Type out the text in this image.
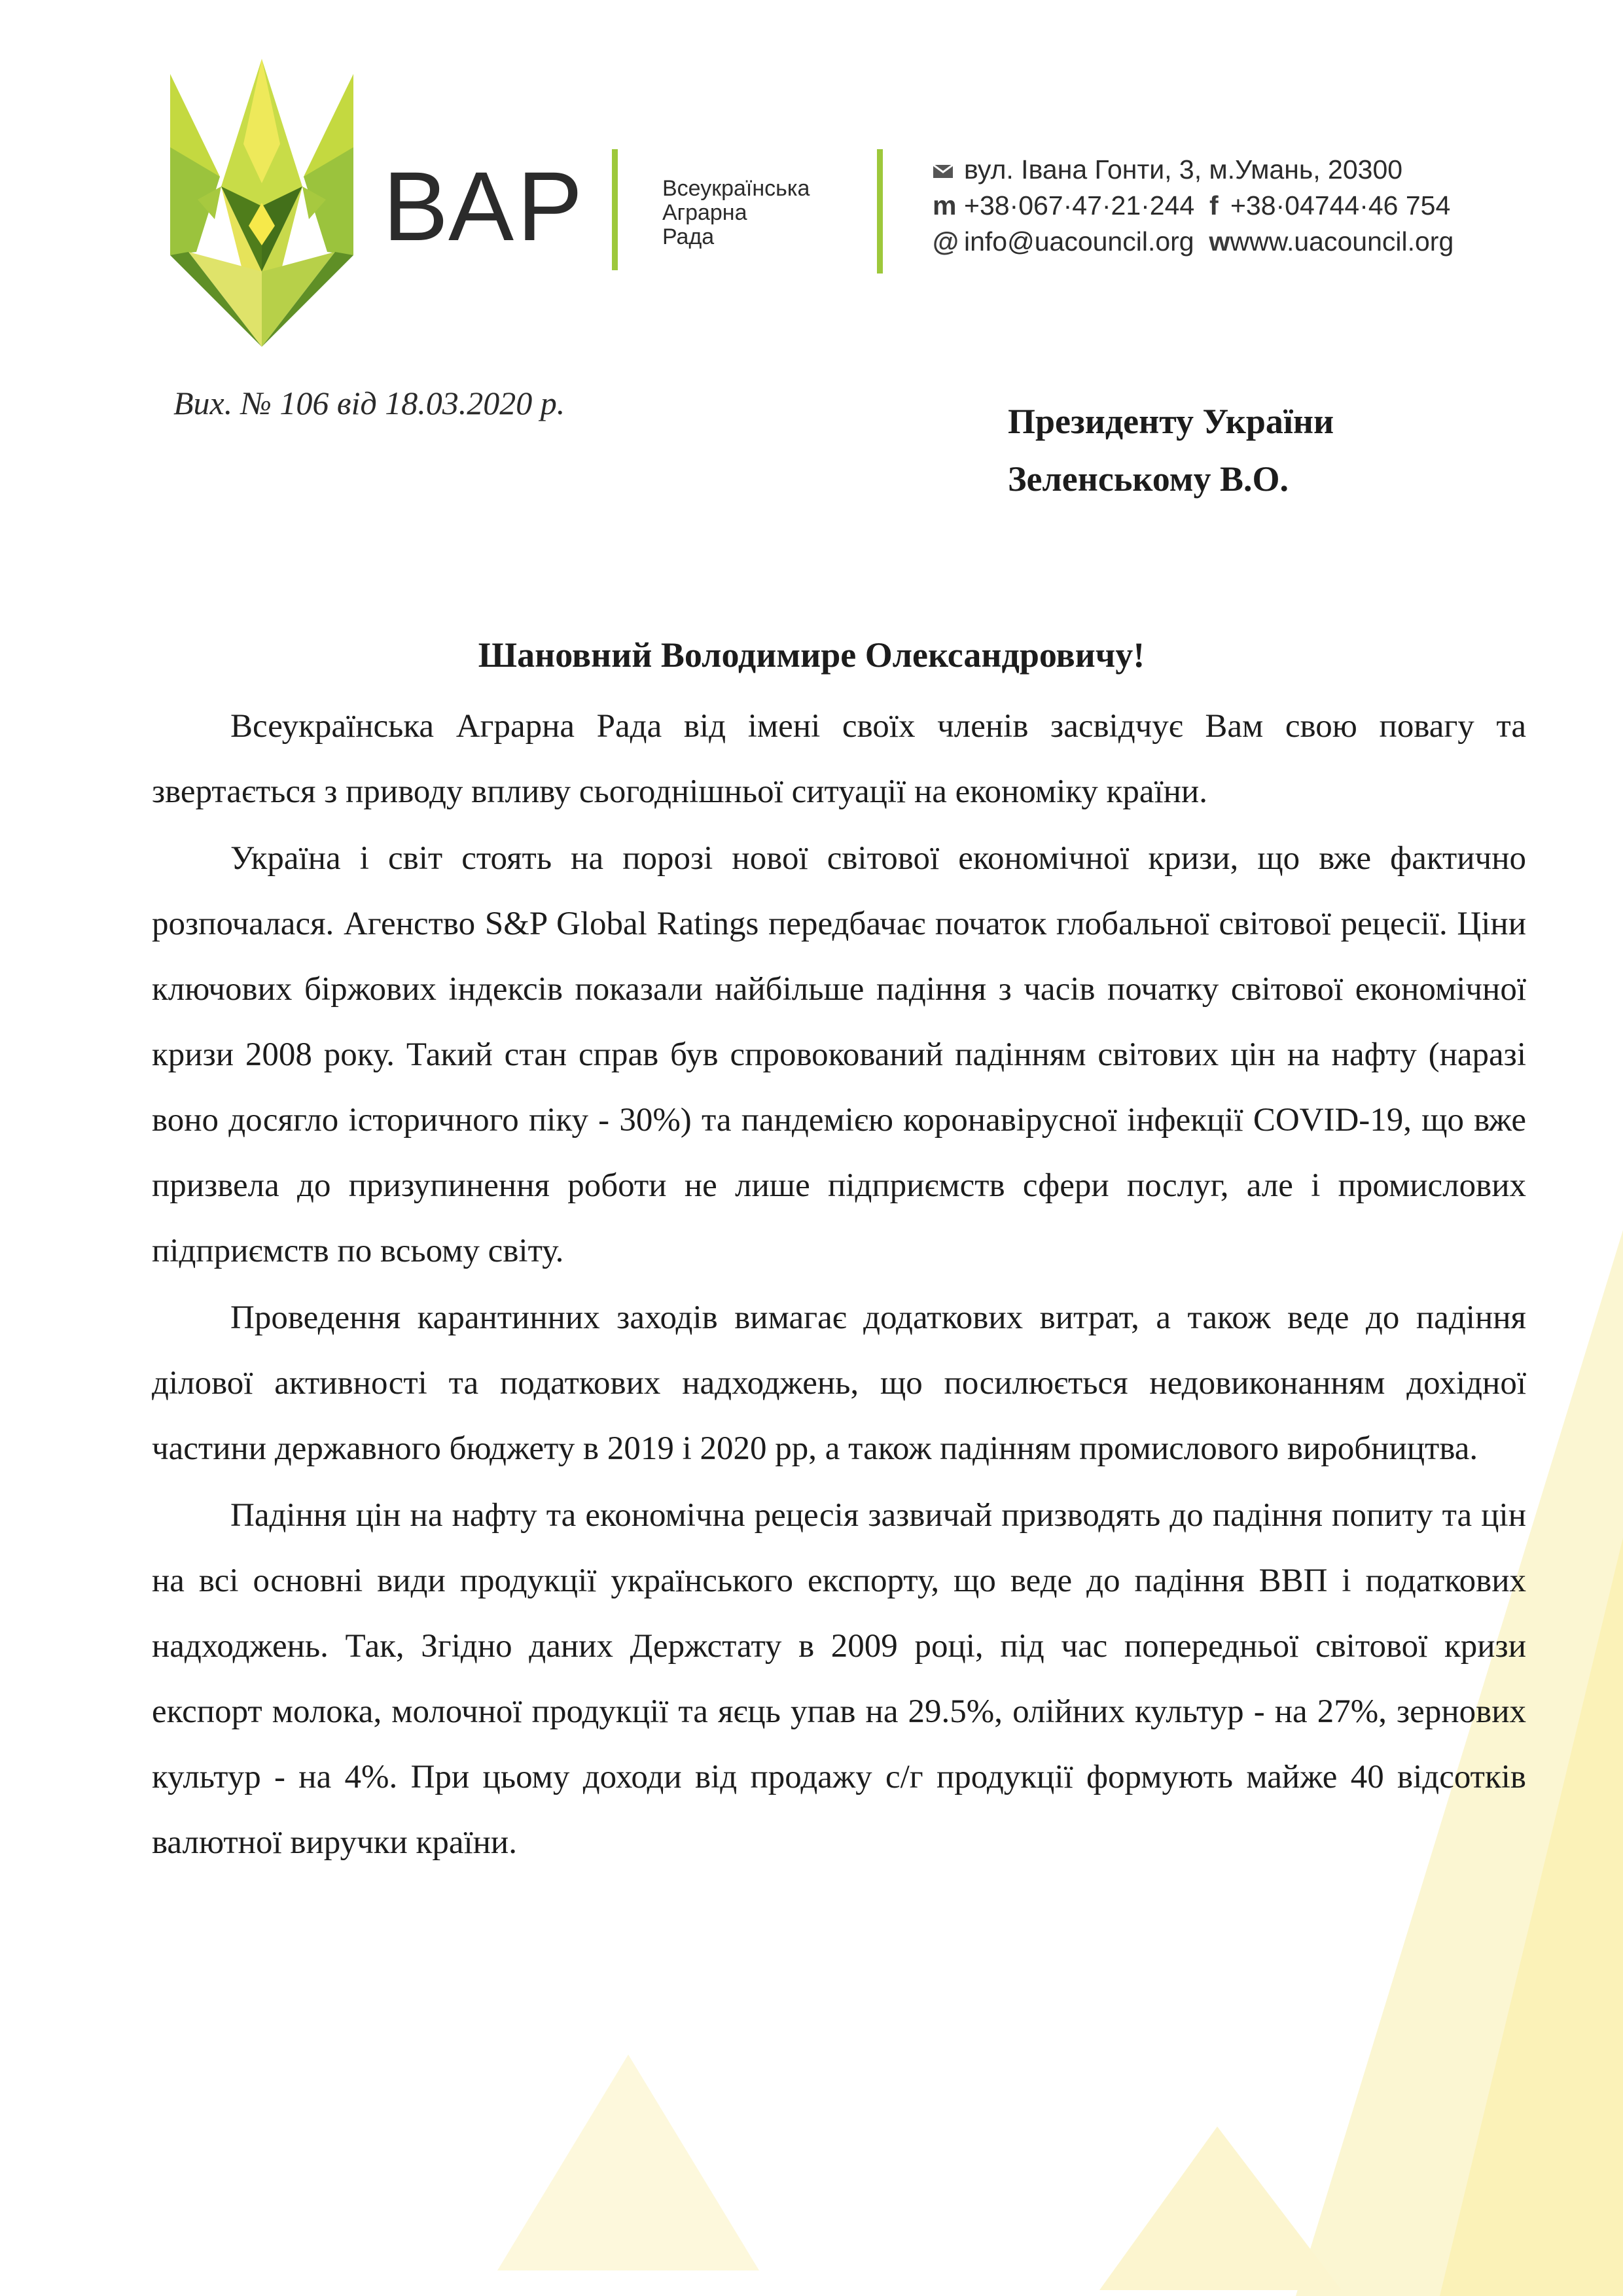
ВАР	Всеукраїнська
Аграрна
Рада
вул. Івана Гонти, 3, м.Умань, 20300
m +38·067·47·21·244 f +38·04744·46 754
@ info@uacouncil.org wwww.uacouncil.org
Вих. № 106 від 18.03.2020 р.	Президенту України
Зеленському В.О.
Шановний Володимире Олександровичу!

Всеукраїнська Аграрна Рада від імені своїх членів засвідчує Вам свою повагу та звертається з приводу впливу сьогоднішньої ситуації на економіку країни.

Україна і світ стоять на порозі нової світової економічної кризи, що вже фактично розпочалася. Агенство S&P Global Ratings передбачає початок глобальної світової рецесії. Ціни ключових біржових індексів показали найбільше падіння з часів початку світової економічної кризи 2008 року. Такий стан справ був спровокований падінням світових цін на нафту (наразі воно досягло історичного піку - 30%) та пандемією коронавірусної інфекції COVID-19, що вже призвела до призупинення роботи не лише підприємств сфери послуг, але і промислових підприємств по всьому світу.

Проведення карантинних заходів вимагає додаткових витрат, а також веде до падіння ділової активності та податкових надходжень, що посилюється недовиконанням дохідної частини державного бюджету в 2019 і 2020 рр, а також падінням промислового виробництва.

Падіння цін на нафту та економічна рецесія зазвичай призводять до падіння попиту та цін на всі основні види продукції українського експорту, що веде до падіння ВВП і податкових надходжень. Так, Згідно даних Держстату в 2009 році, під час попередньої світової кризи експорт молока, молочної продукції та яєць упав на 29.5%, олійних культур - на 27%, зернових культур - на 4%. При цьому доходи від продажу с/г продукції формують майже 40 відсотків валютної виручки країни.
